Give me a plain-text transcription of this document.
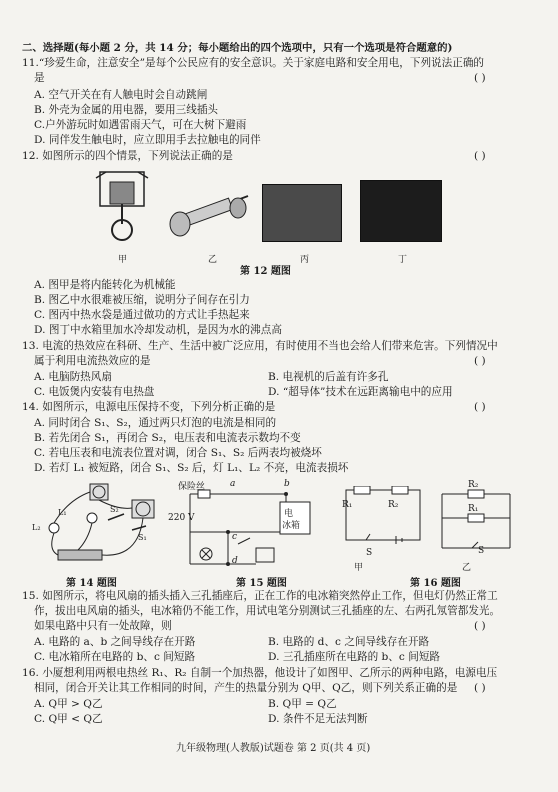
二、选择题(每小题 2 分，共 14 分；每小题给出的四个选项中，只有一个选项是符合题意的)
11.“珍爱生命，注意安全”是每个公民应有的安全意识。关于家庭电路和安全用电，下列说法正确的
是	( )
A. 空气开关在有人触电时会自动跳闸
B. 外壳为金属的用电器，要用三线插头
C.户外游玩时如遇雷雨天气，可在大树下避雨
D. 同伴发生触电时，应立即用手去拉触电的同伴
12. 如图所示的四个情景，下列说法正确的是	( )
甲	乙	丙	丁
第 12 题图
A. 图甲是将内能转化为机械能
B. 图乙中水很难被压缩，说明分子间存在引力
C. 图丙中热水袋是通过做功的方式让手热起来
D. 图丁中水箱里加水冷却发动机，是因为水的沸点高
13. 电流的热效应在科研、生产、生活中被广泛应用，有时使用不当也会给人们带来危害。下列情况中
属于利用电流热效应的是	( )
A. 电脑防热风扇	B. 电视机的后盖有许多孔
C. 电饭煲内安装有电热盘	D. “超导体”技术在远距离输电中的应用
14. 如图所示，电源电压保持不变，下列分析正确的是	( )
A. 同时闭合 S₁、S₂，通过两只灯泡的电流是相同的
B. 若先闭合 S₁，再闭合 S₂，电压表和电流表示数均不变
C. 若电压表和电流表位置对调，闭合 S₁、S₂ 后两表均被烧坏
D. 若灯 L₁ 被短路，闭合 S₁、S₂ 后，灯 L₁、L₂ 不亮，电流表损坏
L₁
L₂
S₂
S₁
第 14 题图
保险丝	a	b
c
d
220 V	电
冰箱
第 15 题图
R₁	R₂
S
甲
R₂
R₁
S
乙
第 16 题图
15. 如图所示，将电风扇的插头插入三孔插座后，正在工作的电冰箱突然停止工作，但电灯仍然正常工
作，拔出电风扇的插头，电冰箱仍不能工作，用试电笔分别测试三孔插座的左、右两孔氖管都发光。
如果电路中只有一处故障，则	( )
A. 电路的 a、b 之间导线存在开路	B. 电路的 d、c 之间导线存在开路
C. 电冰箱所在电路的 b、c 间短路	D. 三孔插座所在电路的 b、c 间短路
16. 小厦想利用两根电热丝 R₁、R₂ 自制一个加热器，他设计了如图甲、乙所示的两种电路，电源电压
相同，闭合开关让其工作相同的时间，产生的热量分别为 Q甲、Q乙，则下列关系正确的是 ( )
A. Q甲 > Q乙	B. Q甲 = Q乙
C. Q甲 < Q乙	D. 条件不足无法判断
九年级物理(人教版)试题卷 第 2 页(共 4 页)
